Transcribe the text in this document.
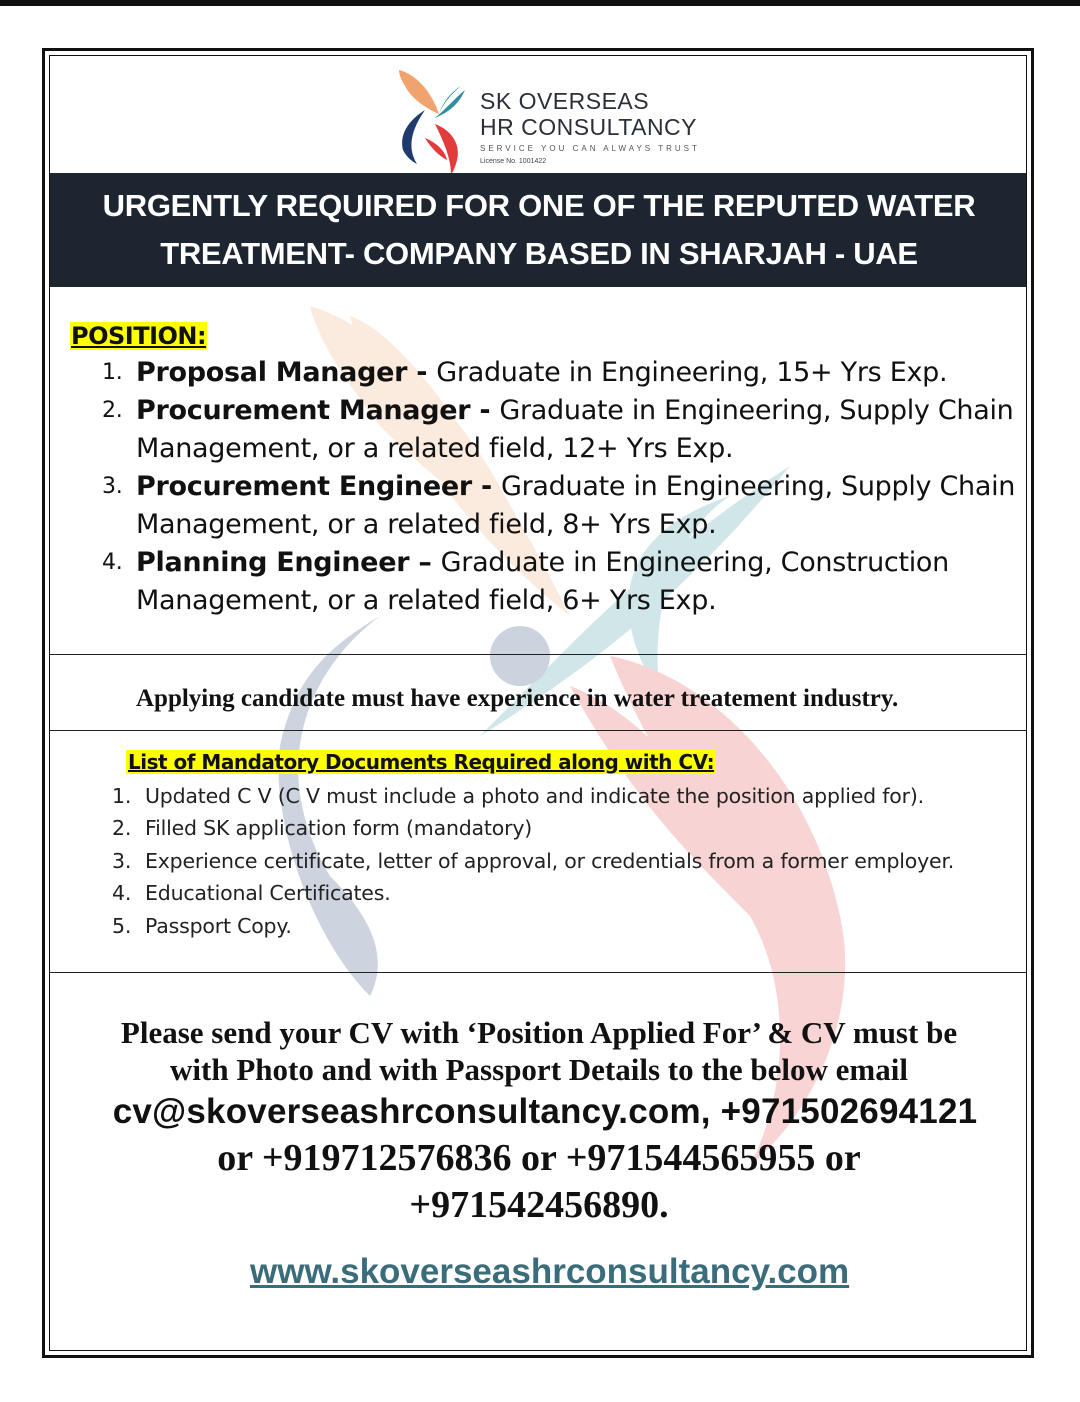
SK OVERSEAS
HR CONSULTANCY
SERVICE YOU CAN ALWAYS TRUST
License No. 1001422
URGENTLY REQUIRED FOR ONE OF THE REPUTED WATER TREATMENT- COMPANY BASED IN SHARJAH - UAE
POSITION:
1. Proposal Manager - Graduate in Engineering, 15+ Yrs Exp.
2. Procurement Manager - Graduate in Engineering, Supply Chain Management, or a related field, 12+ Yrs Exp.
3. Procurement Engineer - Graduate in Engineering, Supply Chain Management, or a related field, 8+ Yrs Exp.
4. Planning Engineer – Graduate in Engineering, Construction Management, or a related field, 6+ Yrs Exp.
Applying candidate must have experience in water treatement industry.
List of Mandatory Documents Required along with CV:
1. Updated C V (C V must include a photo and indicate the position applied for).
2. Filled SK application form (mandatory)
3. Experience certificate, letter of approval, or credentials from a former employer.
4. Educational Certificates.
5. Passport Copy.
Please send your CV with ‘Position Applied For’ & CV must be
with Photo and with Passport Details to the below email
cv@skoverseashrconsultancy.com, +971502694121
or +919712576836 or +971544565955 or
+971542456890.
www.skoverseashrconsultancy.com
